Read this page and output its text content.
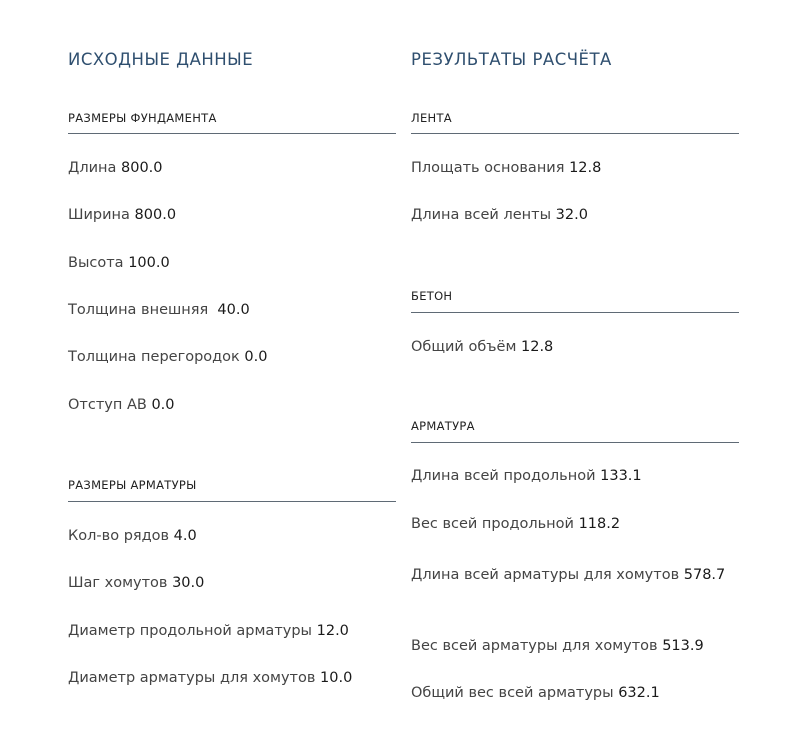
ИСХОДНЫЕ ДАННЫЕ
РАЗМЕРЫ ФУНДАМЕНТА
Длина 800.0
Ширина 800.0
Высота 100.0
Толщина внешняя  40.0
Толщина перегородок 0.0
Отступ АВ 0.0
РАЗМЕРЫ АРМАТУРЫ
Кол-во рядов 4.0
Шаг хомутов 30.0
Диаметр продольной арматуры 12.0
Диаметр арматуры для хомутов 10.0
РЕЗУЛЬТАТЫ РАСЧЁТА
ЛЕНТА
Площать основания 12.8
Длина всей ленты 32.0
БЕТОН
Общий объём 12.8
АРМАТУРА
Длина всей продольной 133.1
Вес всей продольной 118.2
Длина всей арматуры для хомутов 578.7
Вес всей арматуры для хомутов 513.9
Общий вес всей арматуры 632.1
